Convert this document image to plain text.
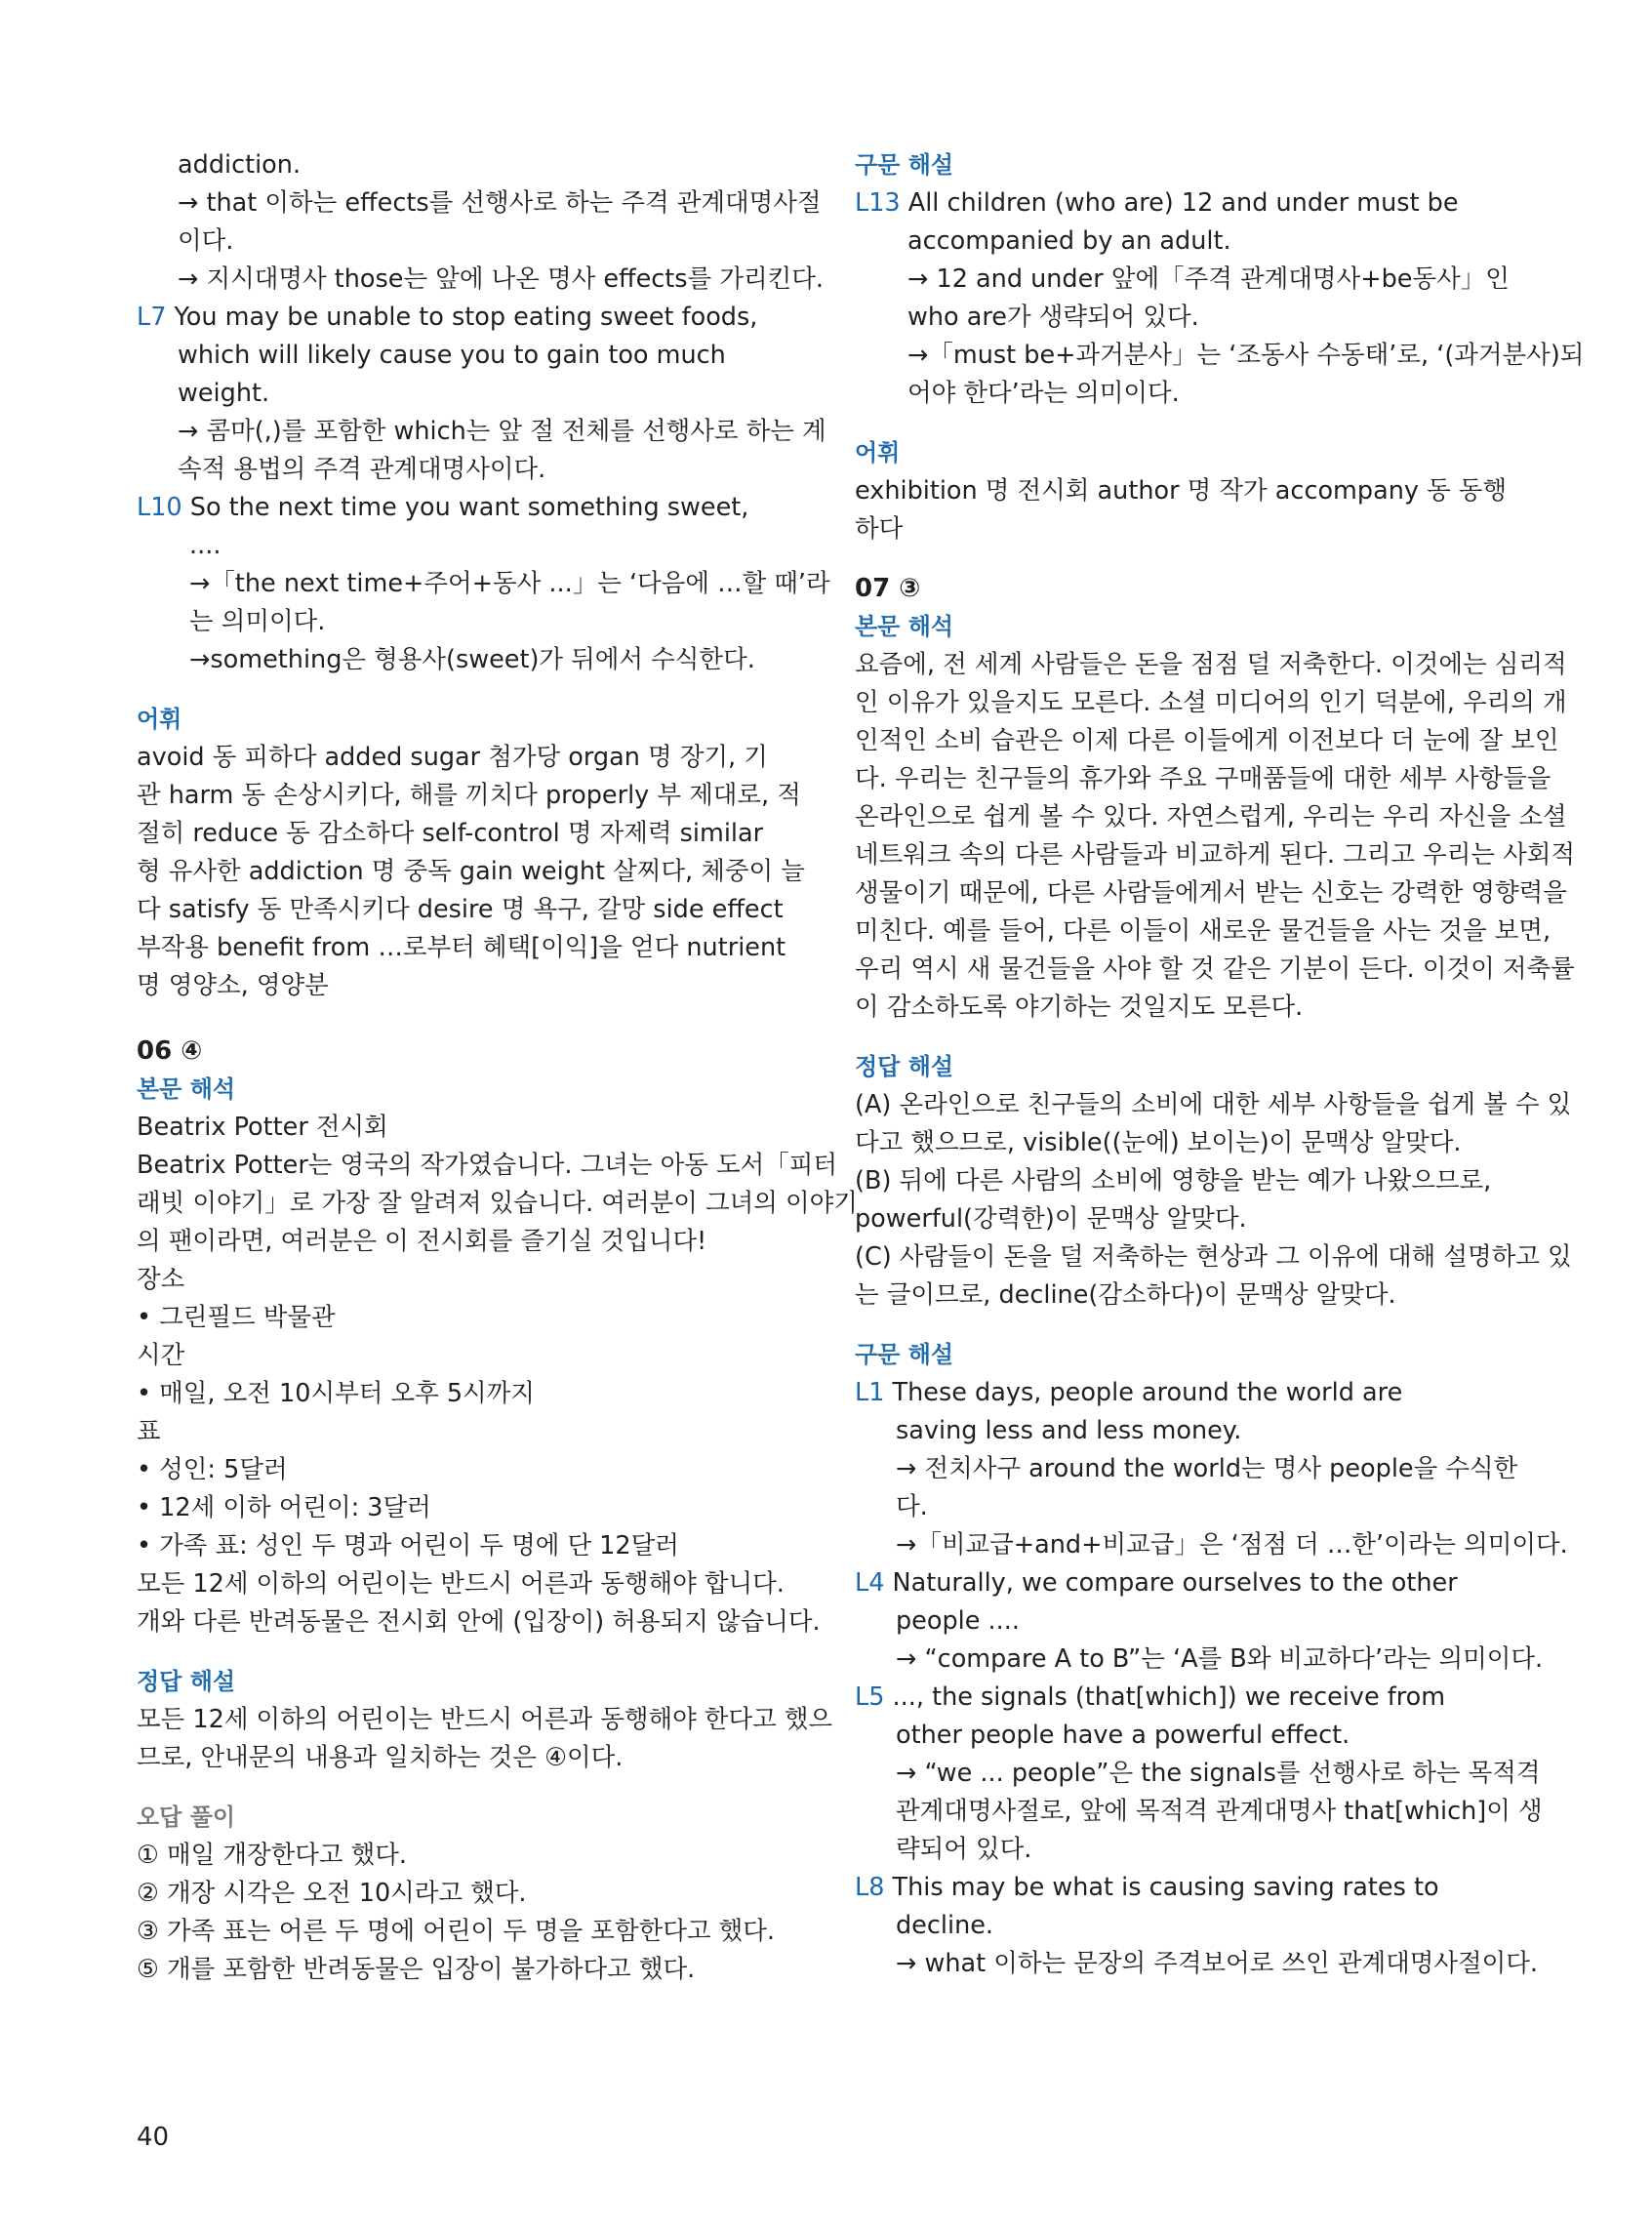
addiction.
→ that 이하는 effects를 선행사로 하는 주격 관계대명사절
이다.
→ 지시대명사 those는 앞에 나온 명사 effects를 가리킨다.
L7 You may be unable to stop eating sweet foods,
which will likely cause you to gain too much
weight.
→ 콤마(,)를 포함한 which는 앞 절 전체를 선행사로 하는 계
속적 용법의 주격 관계대명사이다.
L10 So the next time you want something sweet,
....
→「the next time+주어+동사 ...」는 ‘다음에 …할 때’라
는 의미이다.
→something은 형용사(sweet)가 뒤에서 수식한다.
어휘
avoid 동 피하다 added sugar 첨가당 organ 명 장기, 기
관 harm 동 손상시키다, 해를 끼치다 properly 부 제대로, 적
절히 reduce 동 감소하다 self-control 명 자제력 similar
형 유사한 addiction 명 중독 gain weight 살찌다, 체중이 늘
다 satisfy 동 만족시키다 desire 명 욕구, 갈망 side effect
부작용 benefit from …로부터 혜택[이익]을 얻다 nutrient
명 영양소, 영양분
06 ④
본문 해석
Beatrix Potter 전시회
Beatrix Potter는 영국의 작가였습니다. 그녀는 아동 도서「피터
래빗 이야기」로 가장 잘 알려져 있습니다. 여러분이 그녀의 이야기
의 팬이라면, 여러분은 이 전시회를 즐기실 것입니다!
장소
• 그린필드 박물관
시간
• 매일, 오전 10시부터 오후 5시까지
표
• 성인: 5달러
• 12세 이하 어린이: 3달러
• 가족 표: 성인 두 명과 어린이 두 명에 단 12달러
모든 12세 이하의 어린이는 반드시 어른과 동행해야 합니다.
개와 다른 반려동물은 전시회 안에 (입장이) 허용되지 않습니다.
정답 해설
모든 12세 이하의 어린이는 반드시 어른과 동행해야 한다고 했으
므로, 안내문의 내용과 일치하는 것은 ④이다.
오답 풀이
① 매일 개장한다고 했다.
② 개장 시각은 오전 10시라고 했다.
③ 가족 표는 어른 두 명에 어린이 두 명을 포함한다고 했다.
⑤ 개를 포함한 반려동물은 입장이 불가하다고 했다.
구문 해설
L13 All children (who are) 12 and under must be
accompanied by an adult.
→ 12 and under 앞에「주격 관계대명사+be동사」인
who are가 생략되어 있다.
→「must be+과거분사」는 ‘조동사 수동태’로, ‘(과거분사)되
어야 한다’라는 의미이다.
어휘
exhibition 명 전시회 author 명 작가 accompany 동 동행
하다
07 ③
본문 해석
요즘에, 전 세계 사람들은 돈을 점점 덜 저축한다. 이것에는 심리적
인 이유가 있을지도 모른다. 소셜 미디어의 인기 덕분에, 우리의 개
인적인 소비 습관은 이제 다른 이들에게 이전보다 더 눈에 잘 보인
다. 우리는 친구들의 휴가와 주요 구매품들에 대한 세부 사항들을
온라인으로 쉽게 볼 수 있다. 자연스럽게, 우리는 우리 자신을 소셜
네트워크 속의 다른 사람들과 비교하게 된다. 그리고 우리는 사회적
생물이기 때문에, 다른 사람들에게서 받는 신호는 강력한 영향력을
미친다. 예를 들어, 다른 이들이 새로운 물건들을 사는 것을 보면,
우리 역시 새 물건들을 사야 할 것 같은 기분이 든다. 이것이 저축률
이 감소하도록 야기하는 것일지도 모른다.
정답 해설
(A) 온라인으로 친구들의 소비에 대한 세부 사항들을 쉽게 볼 수 있
다고 했으므로, visible((눈에) 보이는)이 문맥상 알맞다.
(B) 뒤에 다른 사람의 소비에 영향을 받는 예가 나왔으므로,
powerful(강력한)이 문맥상 알맞다.
(C) 사람들이 돈을 덜 저축하는 현상과 그 이유에 대해 설명하고 있
는 글이므로, decline(감소하다)이 문맥상 알맞다.
구문 해설
L1 These days, people around the world are
saving less and less money.
→ 전치사구 around the world는 명사 people을 수식한
다.
→「비교급+and+비교급」은 ‘점점 더 …한’이라는 의미이다.
L4 Naturally, we compare ourselves to the other
people ....
→ “compare A to B”는 ‘A를 B와 비교하다’라는 의미이다.
L5 ..., the signals (that[which]) we receive from
other people have a powerful effect.
→ “we ... people”은 the signals를 선행사로 하는 목적격
관계대명사절로, 앞에 목적격 관계대명사 that[which]이 생
략되어 있다.
L8 This may be what is causing saving rates to
decline.
→ what 이하는 문장의 주격보어로 쓰인 관계대명사절이다.
40
